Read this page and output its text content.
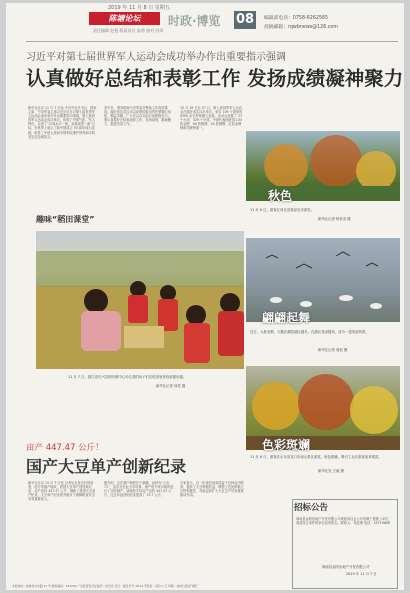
2019 年 11 月 8 日 星期五
陈塘论坛	时政·博览 08
责任编辑 赵曼 版面设计 陆勇 校对 苏珂
编辑部电话：0758-6262565
投稿邮箱：rqwbnews@126.com
习近平对第七届世界军人运动会成功举办作出重要指示强调
认真做好总结和表彰工作 发扬成绩凝神聚力
新华社北京 11 月 7 日电 中共中央总书记、国家主席、中央军委主席习近平近日对第七届世界军人运动会成功举办作出重要指示强调，第七届世界军人运动会成功举办，体现了中国气派，军人特色，实现了“办赛水平一流，参赛成绩一流”目标，在世界上展示了新中国成立 70 周年伟大成就，彰显了中国人民和中国军队维护世界和平的坚定信念和担当。
党中央、国务院和中央军委对筹备工作高度重视。湖北省及武汉市以高度的政治责任感精心组织，精益求精。广大官兵以实际行动积极参与。要认真做好总结和表彰工作，发扬成绩，凝神聚力，推进各项工作。
10 月 18 日至 27 日，第七届世界军人运动会在湖北省武汉市举行。来自 109 个国家的 9300 余名军体健儿参赛，运动会设置了 27 个大项、329 个小项。中国代表团获得 133 枚金牌、64 枚银牌、42 枚铜牌，位居金牌榜和奖牌榜第一。
趣味“稻田课堂”
11 月 7 日，浙江省长兴县泗安镇中心幼儿园的孩子们在稻田里体验收割乐趣。
新华社记者 徐昱 摄
秋色
11 月 6 日，游客在河北省秦皇岛市游览。
新华社记者 杨世尧 摄
翩翩起舞
近日，大批灰鹤、天鹅在鄱阳湖区越冬，在湖区觅食嬉戏，成为一道美丽风景。
新华社记者 周密 摄
色彩斑斓
11 月 6 日，游客在山东省龙口市南山景区游览，秋色斑斓，吸引了众多游客前来观赏。
新华社发 王毅 摄
亩产 447.47 公斤！
国产大豆单产创新纪录
新华社北京 11 月 7 日电 记者从农业农村部获悉，经专家测产验收，我国大豆单产创造新纪录，亩产达到 447.47 公斤，刷新了我国大豆高产纪录，大豆单产纪录的突破对于保障粮食安全具有重要意义。
据介绍，这次测产地块位于新疆，品种为“合农 71”，由东北农业大学培育。测产组专家对地块进行了实收测产，该地块平均亩产达到 447.47 公斤，比去年创造的纪录提高了 23.7 公斤。
专家表示，这一纪录的创造得益于良种良法配套，提高了大豆种植效益，增强了农民种植大豆的积极性，对稳定和扩大大豆生产具有重要推动作用。
招标公告
海南县金阳房地产开发有限公司现面向社会公开招聘工程施工单位，欢迎符合条件的单位前来报名。联系人：吴经理 电话：18719686
海南县金阳房地产开发有限公司
2019 年 11 月 7 日
本报地址：桂林市兴华路 21 号 邮政编码：541002 广告经营许可证编号：桂告许 发行：邮发代号 48-19 零售价：每份 1 元 印刷：桂林日报社印刷厂
